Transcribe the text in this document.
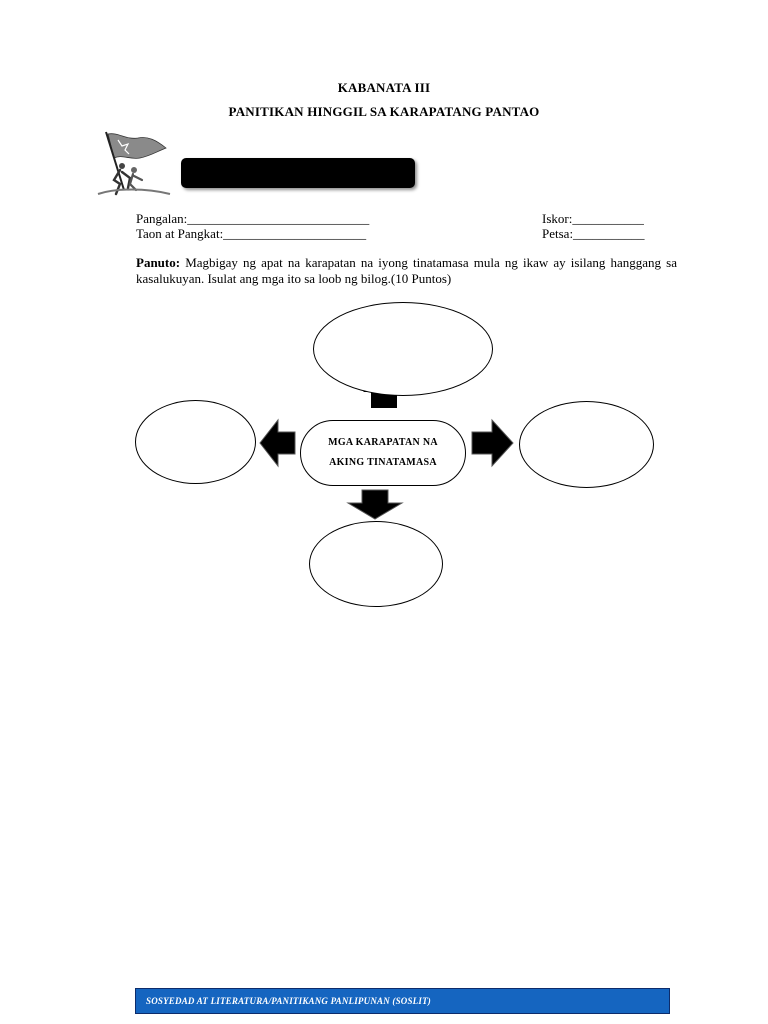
KABANATA III
PANITIKAN HINGGIL SA KARAPATANG PANTAO
Pangalan:____________________________
Taon at Pangkat:______________________
Iskor:___________
Petsa:___________
Panuto: Magbigay ng apat na karapatan na iyong tinatamasa mula ng ikaw ay isilang hanggang sa kasalukuyan. Isulat ang mga ito sa loob ng bilog.(10 Puntos)
MGA KARAPATAN NA
AKING TINATAMASA
SOSYEDAD AT LITERATURA/PANITIKANG PANLIPUNAN (SOSLIT)
